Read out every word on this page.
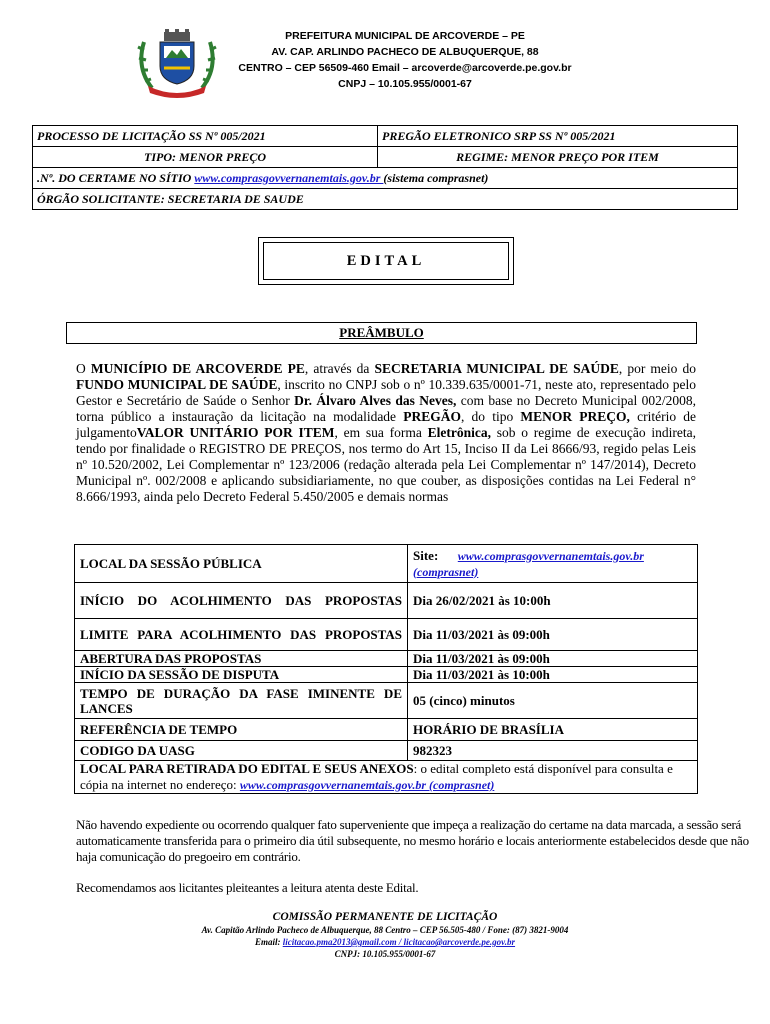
PREFEITURA MUNICIPAL DE ARCOVERDE – PE
AV. CAP. ARLINDO PACHECO DE ALBUQUERQUE, 88
CENTRO – CEP 56509-460 Email – arcoverde@arcoverde.pe.gov.br
CNPJ – 10.105.955/0001-67
PROCESSO DE LICITAÇÃO SS Nº 005/2021	PREGÃO ELETRONICO SRP SS Nº 005/2021
TIPO: MENOR PREÇO	REGIME: MENOR PREÇO POR ITEM
.Nº. DO CERTAME NO SÍTIO www.comprasgovvernanemtais.gov.br (sistema comprasnet)	
ÓRGÃO SOLICITANTE: SECRETARIA DE SAUDE	
EDITAL
PREÂMBULO
O MUNICÍPIO DE ARCOVERDE PE, através da SECRETARIA MUNICIPAL DE SAÚDE, por meio do FUNDO MUNICIPAL DE SAÚDE, inscrito no CNPJ sob o nº 10.339.635/0001-71, neste ato, representado pelo Gestor e Secretário de Saúde o Senhor Dr. Álvaro Alves das Neves, com base no Decreto Municipal 002/2008, torna público a instauração da licitação na modalidade PREGÃO, do tipo MENOR PREÇO, critério de julgamentoVALOR UNITÁRIO POR ITEM, em sua forma Eletrônica, sob o regime de execução indireta, tendo por finalidade o REGISTRO DE PREÇOS, nos termo do Art 15, Inciso II da Lei 8666/93, regido pelas Leis nº 10.520/2002, Lei Complementar nº 123/2006 (redação alterada pela Lei Complementar nº 147/2014), Decreto Municipal nº. 002/2008 e aplicando subsidiariamente, no que couber, as disposições contidas na Lei Federal n° 8.666/1993, ainda pelo Decreto Federal 5.450/2005 e demais normas
LOCAL DA SESSÃO PÚBLICA	Site: www.comprasgovvernanemtais.gov.br
(comprasnet)
INÍCIO DO ACOLHIMENTO DAS PROPOSTAS	Dia 26/02/2021 às 10:00h
LIMITE PARA ACOLHIMENTO DAS PROPOSTAS	Dia 11/03/2021 às 09:00h
ABERTURA DAS PROPOSTAS	Dia 11/03/2021 às 09:00h
INÍCIO DA SESSÃO DE DISPUTA	Dia 11/03/2021 às 10:00h
TEMPO DE DURAÇÃO DA FASE IMINENTE DE LANCES	05 (cinco) minutos
REFERÊNCIA DE TEMPO	HORÁRIO DE BRASÍLIA
CODIGO DA UASG	982323
LOCAL PARA RETIRADA DO EDITAL E SEUS ANEXOS: o edital completo está disponível para consulta e cópia na internet no endereço: www.comprasgovvernanemtais.gov.br (comprasnet)	
Não havendo expediente ou ocorrendo qualquer fato superveniente que impeça a realização do certame na data marcada, a sessão será automaticamente transferida para o primeiro dia útil subsequente, no mesmo horário e locais anteriormente estabelecidos desde que não haja comunicação do pregoeiro em contrário.
Recomendamos aos licitantes pleiteantes a leitura atenta deste Edital.
COMISSÃO PERMANENTE DE LICITAÇÃO
Av. Capitão Arlindo Pacheco de Albuquerque, 88 Centro – CEP 56.505-480 / Fone: (87) 3821-9004
Email: licitacao.pma2013@gmail.com / licitacao@arcoverde.pe.gov.br
CNPJ: 10.105.955/0001-67
